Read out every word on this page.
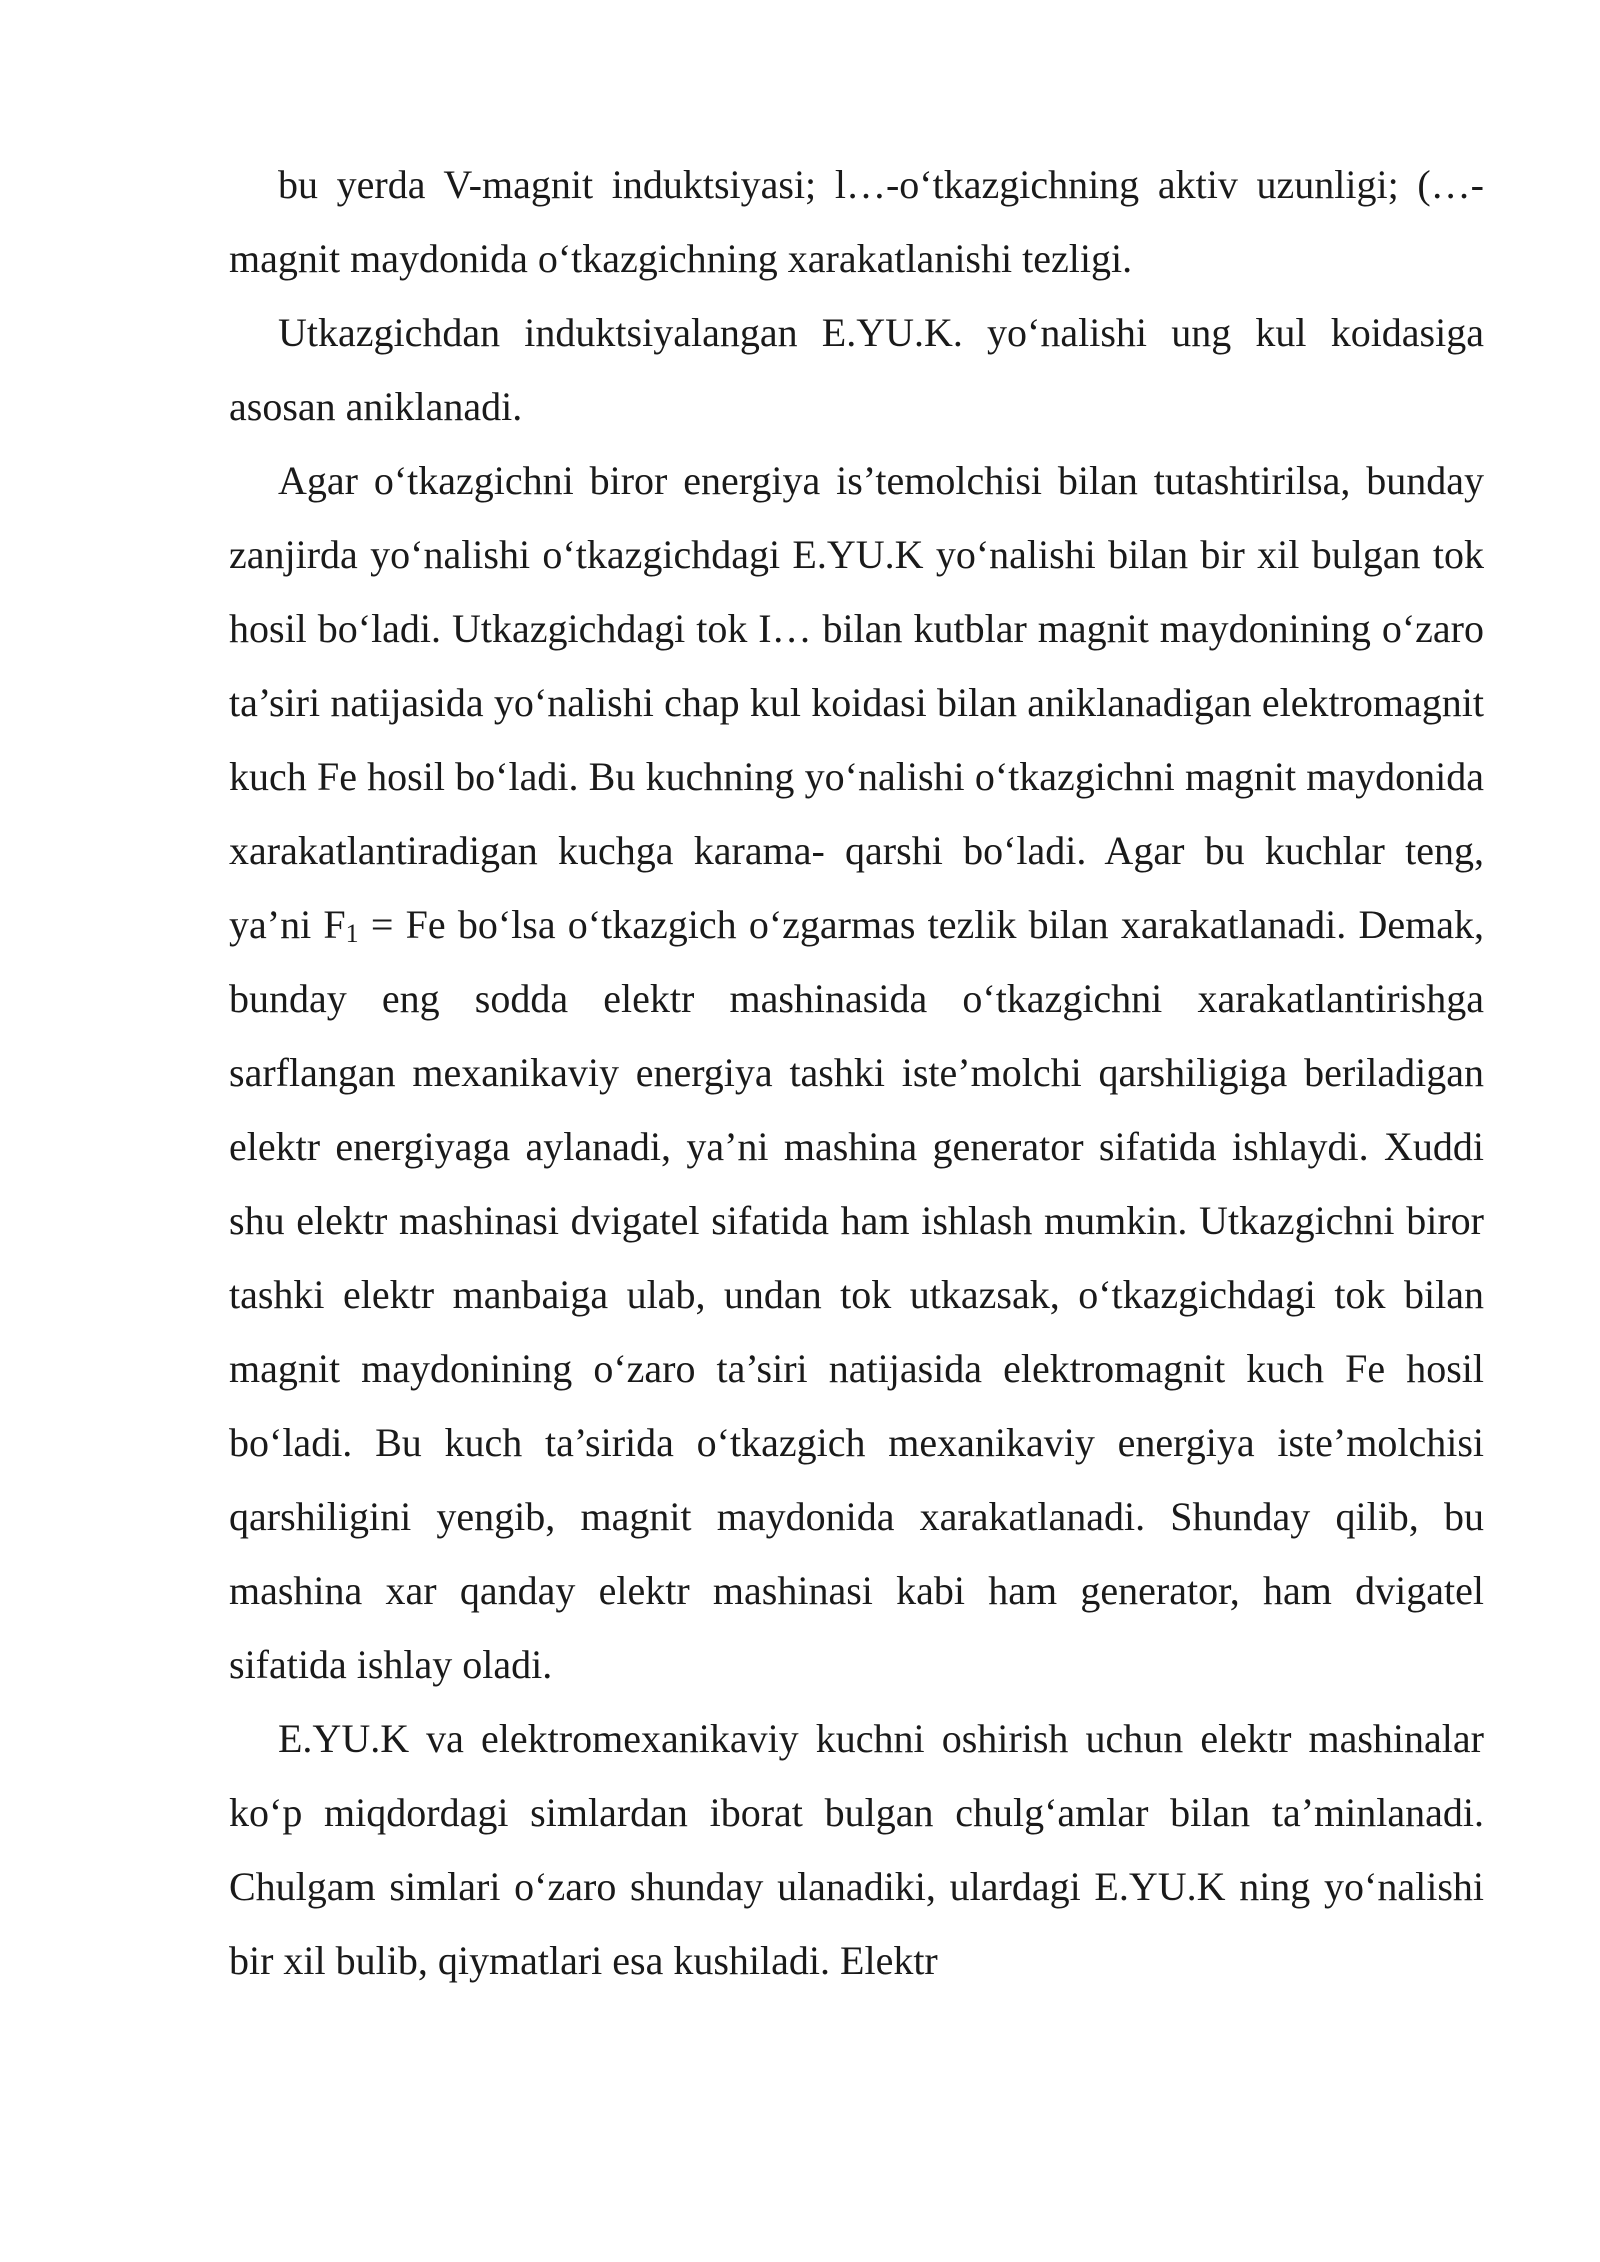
bu yerda V-magnit induktsiyasi; l…-o‘tkazgichning aktiv uzunligi; (…- magnit maydonida o‘tkazgichning xarakatlanishi tezligi.

Utkazgichdan induktsiyalangan E.YU.K. yo‘nalishi ung kul koidasiga asosan aniklanadi.

Agar o‘tkazgichni biror energiya is’temolchisi bilan tutashtirilsa, bunday zanjirda yo‘nalishi o‘tkazgichdagi E.YU.K yo‘nalishi bilan bir xil bulgan tok hosil bo‘ladi. Utkazgichdagi tok I… bilan kutblar magnit maydonining o‘zaro ta’siri natijasida yo‘nalishi chap kul koidasi bilan aniklanadigan elektromagnit kuch Fe hosil bo‘ladi. Bu kuchning yo‘nalishi o‘tkazgichni magnit maydonida xarakatlantiradigan kuchga karama- qarshi bo‘ladi. Agar bu kuchlar teng, ya’ni F1 = Fe bo‘lsa o‘tkazgich o‘zgarmas tezlik bilan xarakatlanadi. Demak, bunday eng sodda elektr mashinasida o‘tkazgichni xarakatlantirishga sarflangan mexanikaviy energiya tashki iste’molchi qarshiligiga beriladigan elektr energiyaga aylanadi, ya’ni mashina generator sifatida ishlaydi. Xuddi shu elektr mashinasi dvigatel sifatida ham ishlash mumkin. Utkazgichni biror tashki elektr manbaiga ulab, undan tok utkazsak, o‘tkazgichdagi tok bilan magnit maydonining o‘zaro ta’siri natijasida elektromagnit kuch Fe hosil bo‘ladi. Bu kuch ta’sirida o‘tkazgich mexanikaviy energiya iste’molchisi qarshiligini yengib, magnit maydonida xarakatlanadi. Shunday qilib, bu mashina xar qanday elektr mashinasi kabi ham generator, ham dvigatel sifatida ishlay oladi.

E.YU.K va elektromexanikaviy kuchni oshirish uchun elektr mashinalar ko‘p miqdordagi simlardan iborat bulgan chulg‘amlar bilan ta’minlanadi. Chulgam simlari o‘zaro shunday ulanadiki, ulardagi E.YU.K ning yo‘nalishi bir xil bulib, qiymatlari esa kushiladi. Elektr
